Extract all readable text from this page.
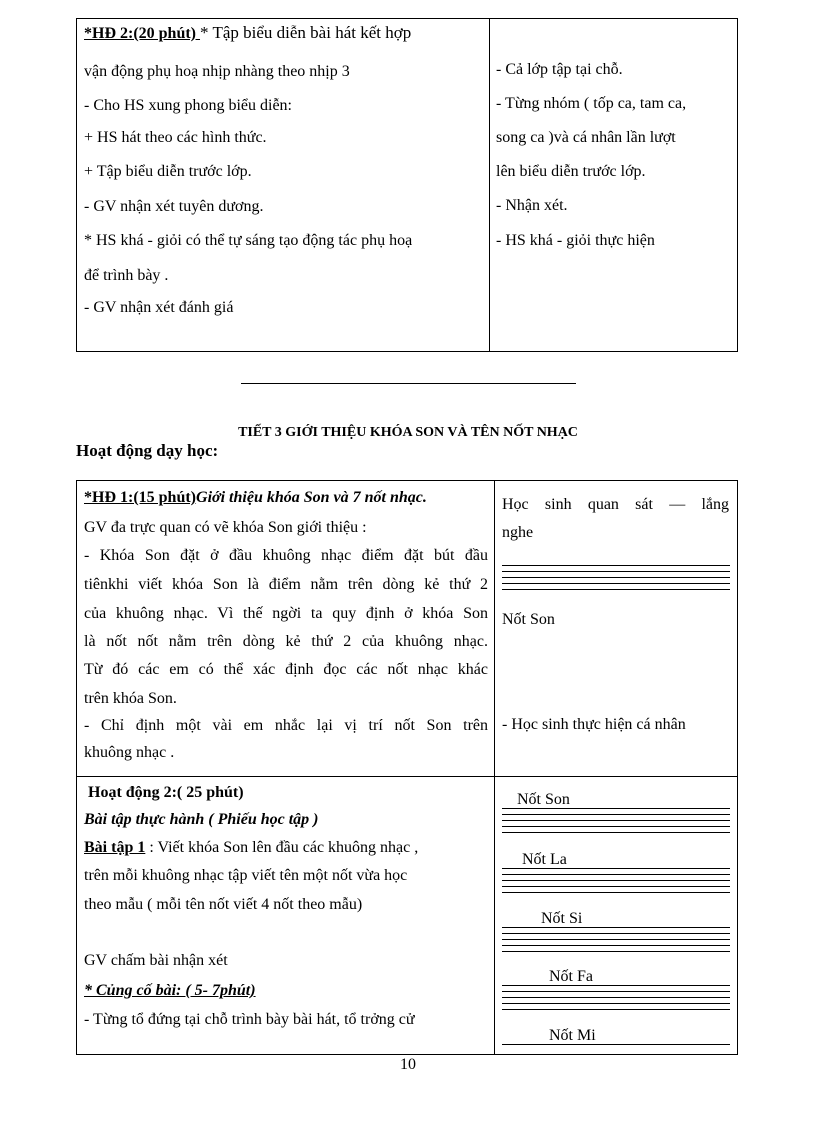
*HĐ 2:(20 phút) * Tập biểu diễn bài hát kết hợp
vận động phụ hoạ nhịp nhàng theo nhịp 3
- Cho HS xung phong biểu diễn:
+ HS hát theo các hình thức.
+ Tập biểu diễn trước lớp.
- GV nhận xét tuyên dương.
* HS khá - giỏi có thể tự sáng tạo động tác phụ hoạ
để trình bày .
- GV nhận xét đánh giá
- Cả lớp tập tại chỗ.
- Từng nhóm ( tốp ca, tam ca,
song ca )và cá nhân lần lượt
lên biểu diễn trước lớp.
- Nhận xét.
- HS khá - giỏi thực hiện
TIẾT 3 GIỚI THIỆU KHÓA SON VÀ TÊN NỐT NHẠC
Hoạt động dạy học:
*HĐ 1:(15 phút)Giới thiệu khóa Son và 7 nốt nhạc.
GV đa trực quan có vẽ khóa Son giới thiệu :
- Khóa Son đặt ở đầu khuông nhạc điểm đặt bút đầu
tiênkhi viết khóa Son là điểm nằm trên dòng kẻ thứ 2
của khuông nhạc. Vì thế ngời ta quy định ở khóa Son
là nốt nốt nằm trên dòng kẻ thứ 2 của khuông nhạc.
Từ đó các em có thể xác định đọc các nốt nhạc khác
trên khóa Son.
- Chỉ định một vài em nhắc lại vị trí nốt Son trên
khuông nhạc .
Học sinh quan sát — lắng
nghe
Nốt Son
- Học sinh thực hiện cá nhân
Hoạt động 2:( 25 phút)
Bài tập thực hành ( Phiếu học tập )
Bài tập 1 : Viết khóa Son lên đầu các khuông nhạc ,
trên mỗi khuông nhạc tập viết tên một nốt vừa học
theo mẫu ( mỗi tên nốt viết 4 nốt theo mẫu)
GV chấm bài nhận xét
* Củng cố bài: ( 5- 7phút)
- Từng tổ đứng tại chỗ trình bày bài hát, tổ trởng cử
Nốt Son
Nốt La
Nốt Si
Nốt Fa
Nốt Mi
10
